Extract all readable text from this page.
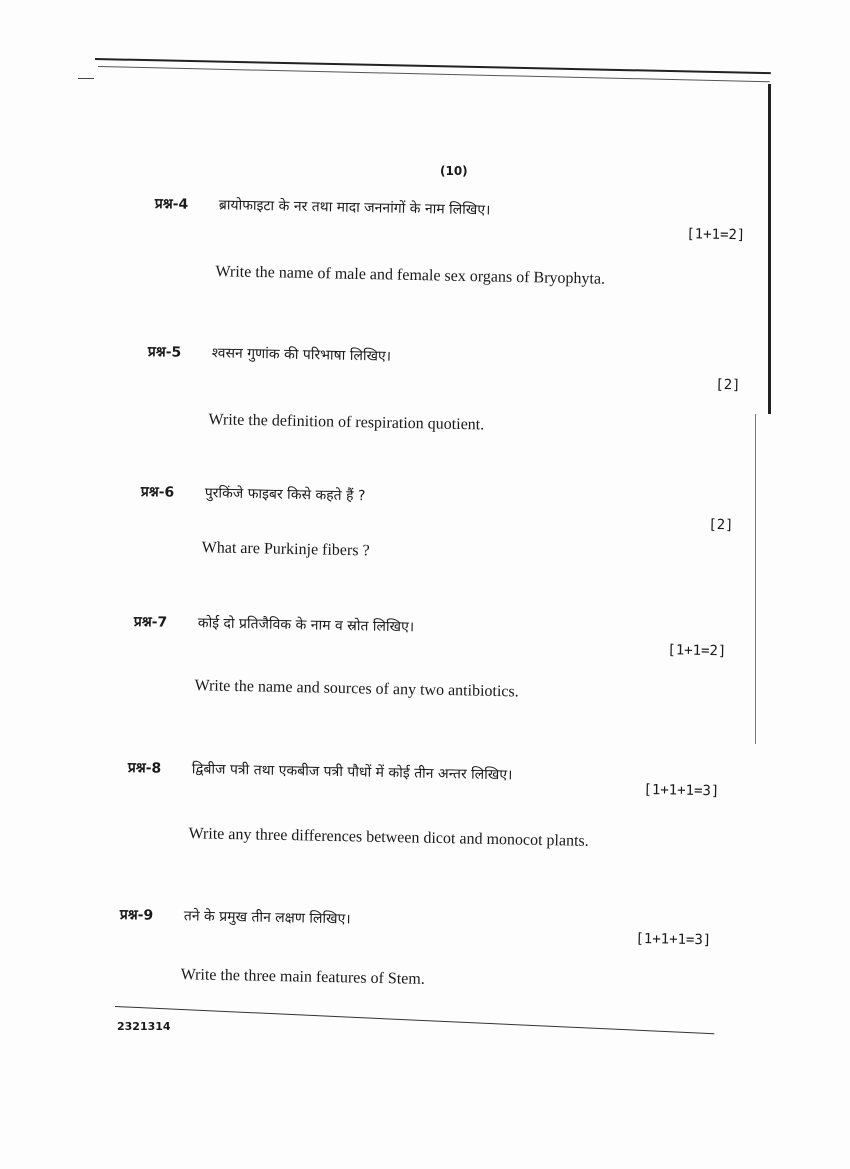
(10)
प्रश्न-4 ब्रायोफाइटा के नर तथा मादा जननांगों के नाम लिखिए।
[1+1=2]
Write the name of male and female sex organs of Bryophyta.
प्रश्न-5 श्वसन गुणांक की परिभाषा लिखिए।
[2]
Write the definition of respiration quotient.
प्रश्न-6 पुरकिंजे फाइबर किसे कहते हैं ?
[2]
What are Purkinje fibers ?
प्रश्न-7 कोई दो प्रतिजैविक के नाम व स्रोत लिखिए।
[1+1=2]
Write the name and sources of any two antibiotics.
प्रश्न-8 द्विबीज पत्री तथा एकबीज पत्री पौधों में कोई तीन अन्तर लिखिए।
[1+1+1=3]
Write any three differences between dicot and monocot plants.
प्रश्न-9 तने के प्रमुख तीन लक्षण लिखिए।
[1+1+1=3]
Write the three main features of Stem.
2321314
